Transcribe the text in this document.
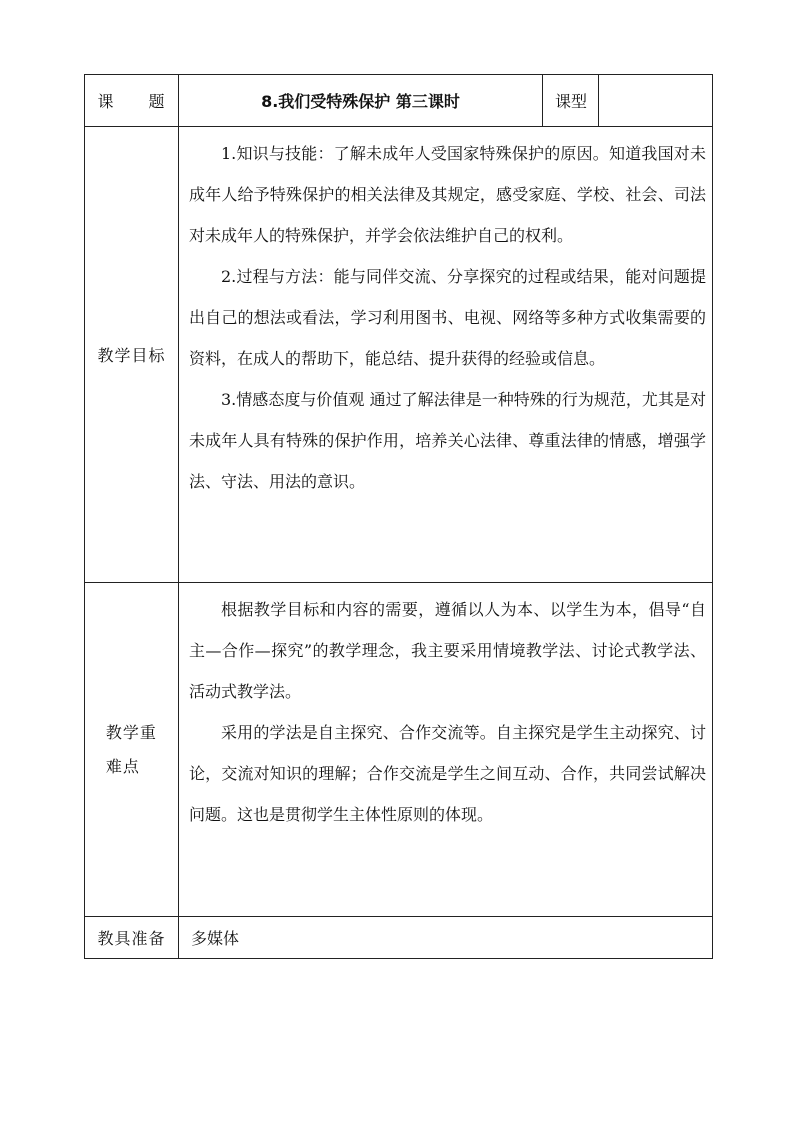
课　　题	8.我们受特殊保护 第三课时	课型	
教学目标	1.知识与技能：了解未成年人受国家特殊保护的原因。知道我国对未成年人给予特殊保护的相关法律及其规定，感受家庭、学校、社会、司法对未成年人的特殊保护，并学会依法维护自己的权利。

2.过程与方法：能与同伴交流、分享探究的过程或结果，能对问题提出自己的想法或看法，学习利用图书、电视、网络等多种方式收集需要的资料，在成人的帮助下，能总结、提升获得的经验或信息。

3.情感态度与价值观 通过了解法律是一种特殊的行为规范，尤其是对未成年人具有特殊的保护作用，培养关心法律、尊重法律的情感，增强学法、守法、用法的意识。		

教学重难点	根据教学目标和内容的需要，遵循以人为本、以学生为本，倡导“自主—合作—探究”的教学理念，我主要采用情境教学法、讨论式教学法、活动式教学法。

采用的学法是自主探究、合作交流等。自主探究是学生主动探究、讨论，交流对知识的理解；合作交流是学生之间互动、合作，共同尝试解决问题。这也是贯彻学生主体性原则的体现。		

教具准备	多媒体		
